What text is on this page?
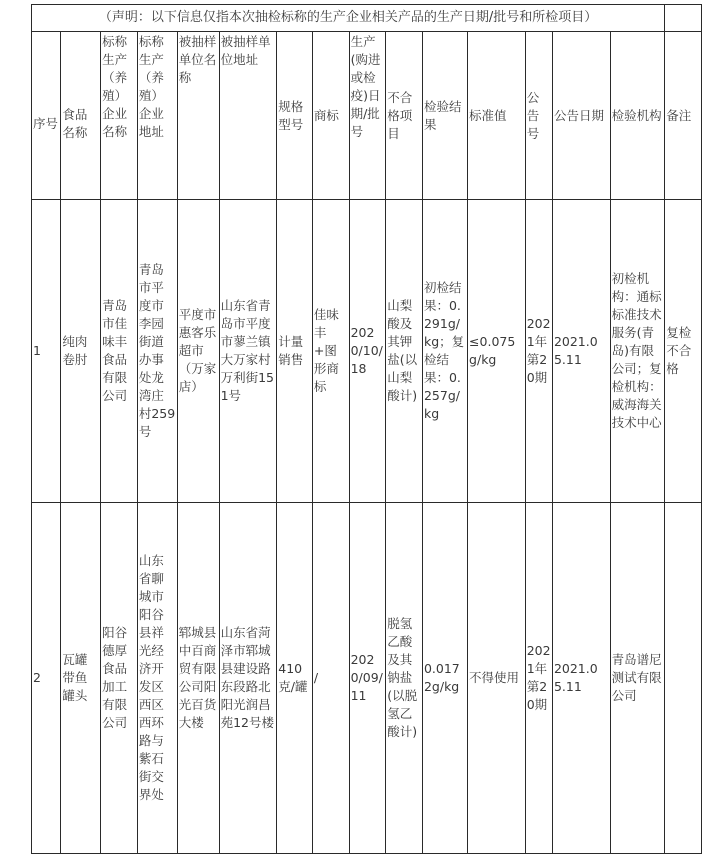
（声明：以下信息仅指本次抽检标称的生产企业相关产品的生产日期/批号和所检项目）															
序号	食品名称	标称生产（养殖）企业名称	标称生产（养殖）企业地址	被抽样单位名称	被抽样单位地址	规格型号	商标	生产(购进或检疫)日期/批号	不合格项目	检验结果	标准值	公告号	公告日期	检验机构	备注
1	纯肉卷肘	青岛市佳味丰食品有限公司	青岛市平度市李园街道办事处龙湾庄村259号	平度市惠客乐超市（万家店）	山东省青岛市平度市蓼兰镇大万家村万利街151号	计量销售	佳味丰+图形商标	2020/10/18	山梨酸及其钾盐(以山梨酸计)	初检结果：0.291g/kg；复检结果：0.257g/kg	≤0.075g/kg	2021年第20期	2021.05.11	初检机构：通标标准技术服务(青岛)有限公司；复检机构：威海海关技术中心	复检不合格
2	瓦罐带鱼罐头	阳谷德厚食品加工有限公司	山东省聊城市阳谷县祥光经济开发区西区西环路与紫石街交界处	郓城县中百商贸有限公司阳光百货大楼	山东省菏泽市郓城县建设路东段路北阳光润昌苑12号楼	410克/罐	/	2020/09/11	脱氢乙酸及其钠盐(以脱氢乙酸计)	0.0172g/kg	不得使用	2021年第20期	2021.05.11	青岛谱尼测试有限公司	
